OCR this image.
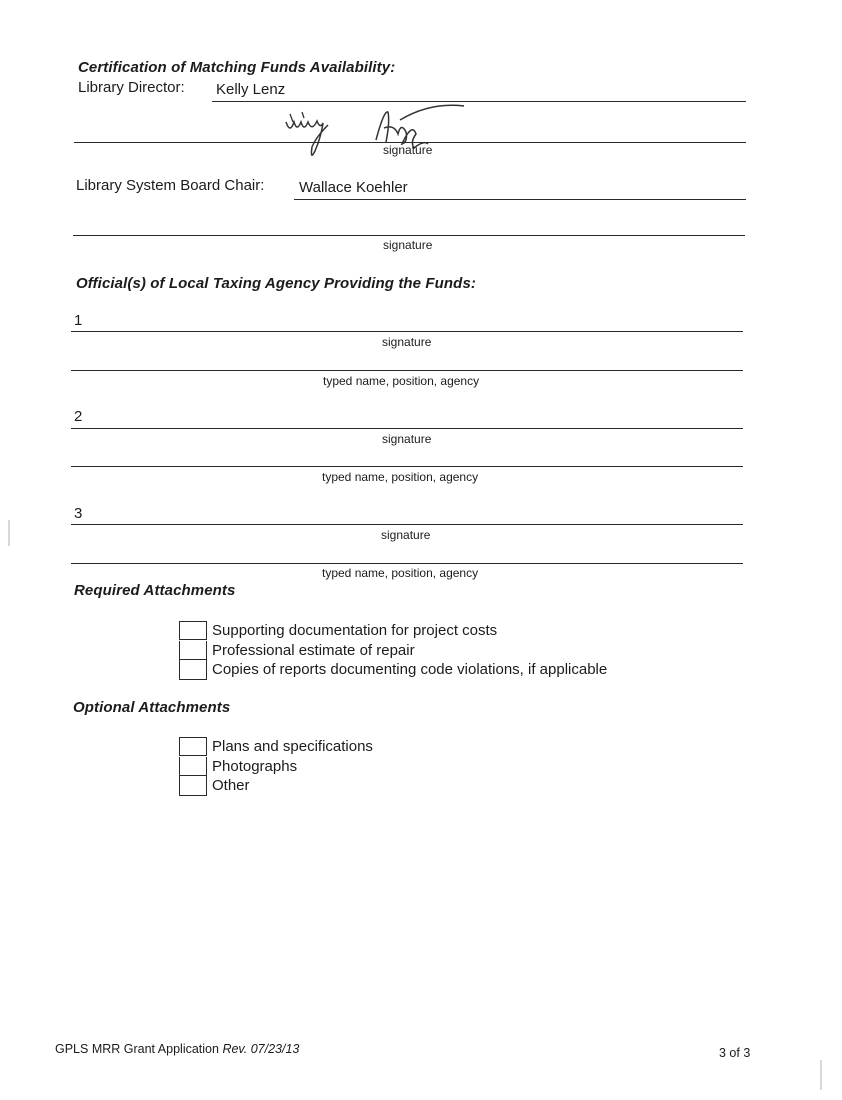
Certification of Matching Funds Availability:
Library Director: Kelly Lenz
signature
Library System Board Chair: Wallace Koehler
signature
Official(s) of Local Taxing Agency Providing the Funds:
1
signature
typed name, position, agency
2
signature
typed name, position, agency
3
signature
typed name, position, agency
Required Attachments
Supporting documentation for project costs
Professional estimate of repair
Copies of reports documenting code violations, if applicable
Optional Attachments
Plans and specifications
Photographs
Other
GPLS MRR Grant Application Rev. 07/23/13	3 of 3
